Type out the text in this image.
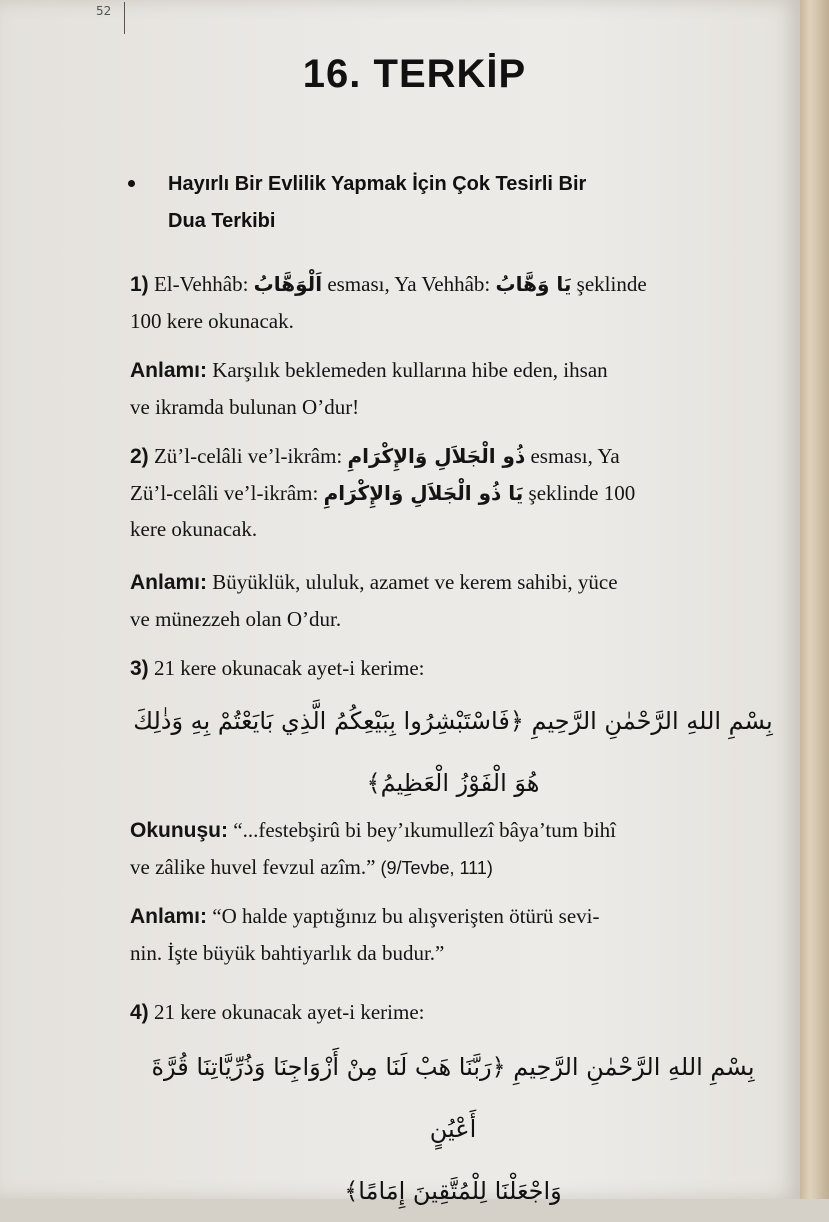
52
16. TERKİP
Hayırlı Bir Evlilik Yapmak İçin Çok Tesirli Bir
Dua Terkibi
1) El-Vehhâb: اَلْوَهَّابُ esması, Ya Vehhâb: يَا وَهَّابُ şeklinde
100 kere okunacak.
Anlamı: Karşılık beklemeden kullarına hibe eden, ihsan
ve ikramda bulunan O’dur!
2) Zü’l-celâli ve’l-ikrâm: ذُو الْجَلاَلِ وَالإِكْرَامِ esması, Ya
Zü’l-celâli ve’l-ikrâm: يَا ذُو الْجَلاَلِ وَالإِكْرَامِ şeklinde 100
kere okunacak.
Anlamı: Büyüklük, ululuk, azamet ve kerem sahibi, yüce
ve münezzeh olan O’dur.
3) 21 kere okunacak ayet-i kerime:
بِسْمِ اللهِ الرَّحْمٰنِ الرَّحِيمِ ﴿فَاسْتَبْشِرُوا بِبَيْعِكُمُ الَّذِي بَايَعْتُمْ بِهِ وَذٰلِكَ
هُوَ الْفَوْزُ الْعَظِيمُ﴾
Okunuşu: “...festebşirû bi bey’ıkumullezî bâya’tum bihî
ve zâlike huvel fevzul azîm.” (9/Tevbe, 111)
Anlamı: “O halde yaptığınız bu alışverişten ötürü sevi-
nin. İşte büyük bahtiyarlık da budur.”
4) 21 kere okunacak ayet-i kerime:
بِسْمِ اللهِ الرَّحْمٰنِ الرَّحِيمِ ﴿رَبَّنَا هَبْ لَنَا مِنْ أَزْوَاجِنَا وَذُرِّيَّاتِنَا قُرَّةَ أَعْيُنٍ
وَاجْعَلْنَا لِلْمُتَّقِينَ إِمَامًا﴾
